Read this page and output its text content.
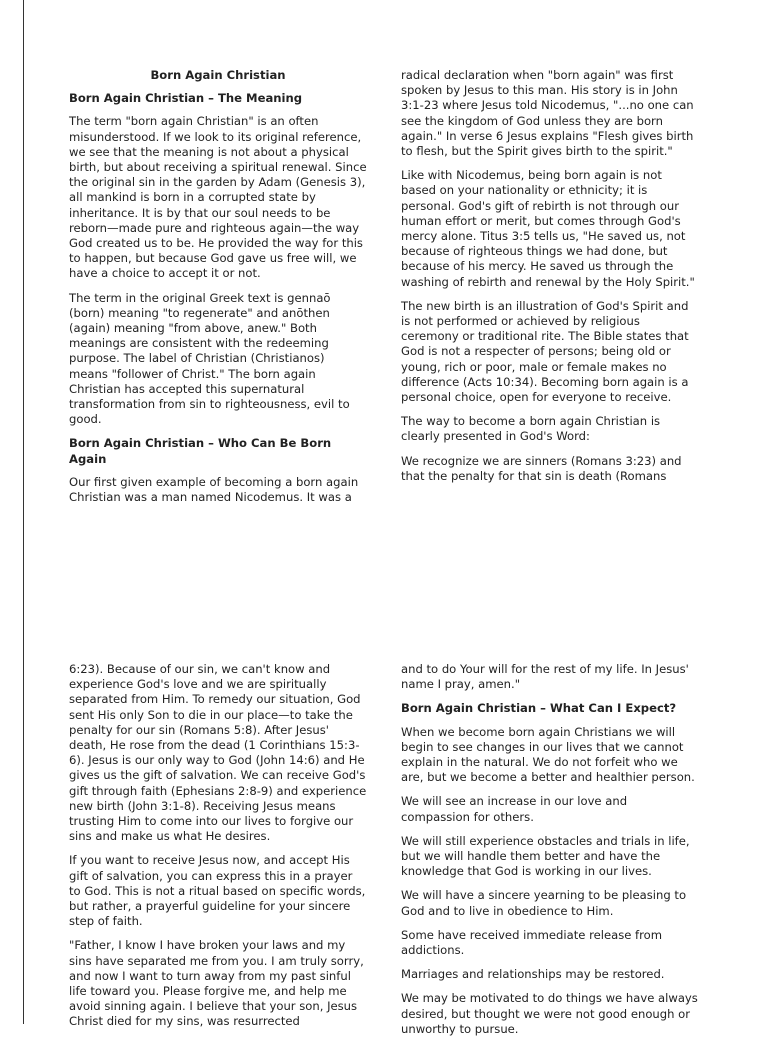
Born Again Christian

Born Again Christian – The Meaning

The term "born again Christian" is an often misunderstood. If we look to its original reference, we see that the meaning is not about a physical birth, but about receiving a spiritual renewal. Since the original sin in the garden by Adam (Genesis 3), all mankind is born in a corrupted state by inheritance. It is by that our soul needs to be reborn—made pure and righteous again—the way God created us to be. He provided the way for this to happen, but because God gave us free will, we have a choice to accept it or not.

The term in the original Greek text is gennaō (born) meaning "to regenerate" and anōthen (again) meaning "from above, anew." Both meanings are consistent with the redeeming purpose. The label of Christian (Christianos) means "follower of Christ." The born again Christian has accepted this supernatural transformation from sin to righteousness, evil to good.

Born Again Christian – Who Can Be Born Again

Our first given example of becoming a born again Christian was a man named Nicodemus. It was a

radical declaration when "born again" was first spoken by Jesus to this man. His story is in John 3:1-23 where Jesus told Nicodemus, "...no one can see the kingdom of God unless they are born again." In verse 6 Jesus explains "Flesh gives birth to flesh, but the Spirit gives birth to the spirit."

Like with Nicodemus, being born again is not based on your nationality or ethnicity; it is personal. God's gift of rebirth is not through our human effort or merit, but comes through God's mercy alone. Titus 3:5 tells us, "He saved us, not because of righteous things we had done, but because of his mercy. He saved us through the washing of rebirth and renewal by the Holy Spirit."

The new birth is an illustration of God's Spirit and is not performed or achieved by religious ceremony or traditional rite. The Bible states that God is not a respecter of persons; being old or young, rich or poor, male or female makes no difference (Acts 10:34). Becoming born again is a personal choice, open for everyone to receive.

The way to become a born again Christian is clearly presented in God's Word:

We recognize we are sinners (Romans 3:23) and that the penalty for that sin is death (Romans

6:23). Because of our sin, we can't know and experience God's love and we are spiritually separated from Him. To remedy our situation, God sent His only Son to die in our place—to take the penalty for our sin (Romans 5:8). After Jesus' death, He rose from the dead (1 Corinthians 15:3-6). Jesus is our only way to God (John 14:6) and He gives us the gift of salvation. We can receive God's gift through faith (Ephesians 2:8-9) and experience new birth (John 3:1-8). Receiving Jesus means trusting Him to come into our lives to forgive our sins and make us what He desires.

If you want to receive Jesus now, and accept His gift of salvation, you can express this in a prayer to God. This is not a ritual based on specific words, but rather, a prayerful guideline for your sincere step of faith.

"Father, I know I have broken your laws and my sins have separated me from you. I am truly sorry, and now I want to turn away from my past sinful life toward you. Please forgive me, and help me avoid sinning again. I believe that your son, Jesus Christ died for my sins, was resurrected

and to do Your will for the rest of my life. In Jesus' name I pray, amen."

Born Again Christian – What Can I Expect?

When we become born again Christians we will begin to see changes in our lives that we cannot explain in the natural. We do not forfeit who we are, but we become a better and healthier person.

We will see an increase in our love and compassion for others.

We will still experience obstacles and trials in life, but we will handle them better and have the knowledge that God is working in our lives.

We will have a sincere yearning to be pleasing to God and to live in obedience to Him.

Some have received immediate release from addictions.

Marriages and relationships may be restored.

We may be motivated to do things we have always desired, but thought we were not good enough or unworthy to pursue.
